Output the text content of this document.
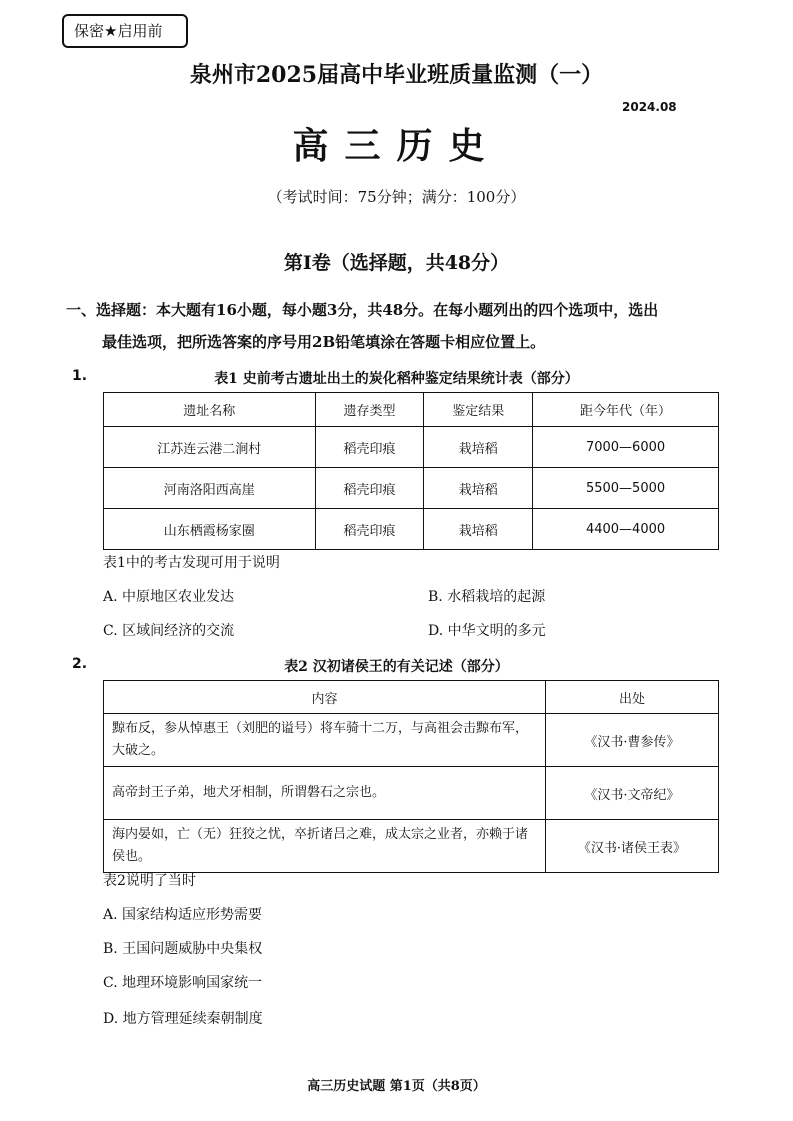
保密★启用前
泉州市2025届高中毕业班质量监测（一）
2024.08
高三历史
（考试时间：75分钟；满分：100分）
第Ⅰ卷（选择题，共48分）
一、选择题：本大题有16小题，每小题3分，共48分。在每小题列出的四个选项中，选出
最佳选项，把所选答案的序号用2B铅笔填涂在答题卡相应位置上。
1.	表1 史前考古遗址出土的炭化稻种鉴定结果统计表（部分）
遗址名称	遗存类型	鉴定结果	距今年代（年）
江苏连云港二涧村	稻壳印痕	栽培稻	7000—6000
河南洛阳西高崖	稻壳印痕	栽培稻	5500—5000
山东栖霞杨家圈	稻壳印痕	栽培稻	4400—4000
表1中的考古发现可用于说明
A. 中原地区农业发达	B. 水稻栽培的起源
C. 区域间经济的交流	D. 中华文明的多元
2.	表2 汉初诸侯王的有关记述（部分）
内容	出处
黥布反，参从悼惠王（刘肥的谥号）将车骑十二万，与高祖会击黥布军，大破之。	《汉书·曹参传》
高帝封王子弟，地犬牙相制，所谓磐石之宗也。	《汉书·文帝纪》
海内晏如，亡（无）狂狡之忧，卒折诸吕之难，成太宗之业者，亦赖于诸侯也。	《汉书·诸侯王表》
表2说明了当时
A. 国家结构适应形势需要
B. 王国问题威胁中央集权
C. 地理环境影响国家统一
D. 地方管理延续秦朝制度
高三历史试题 第1页（共8页）
